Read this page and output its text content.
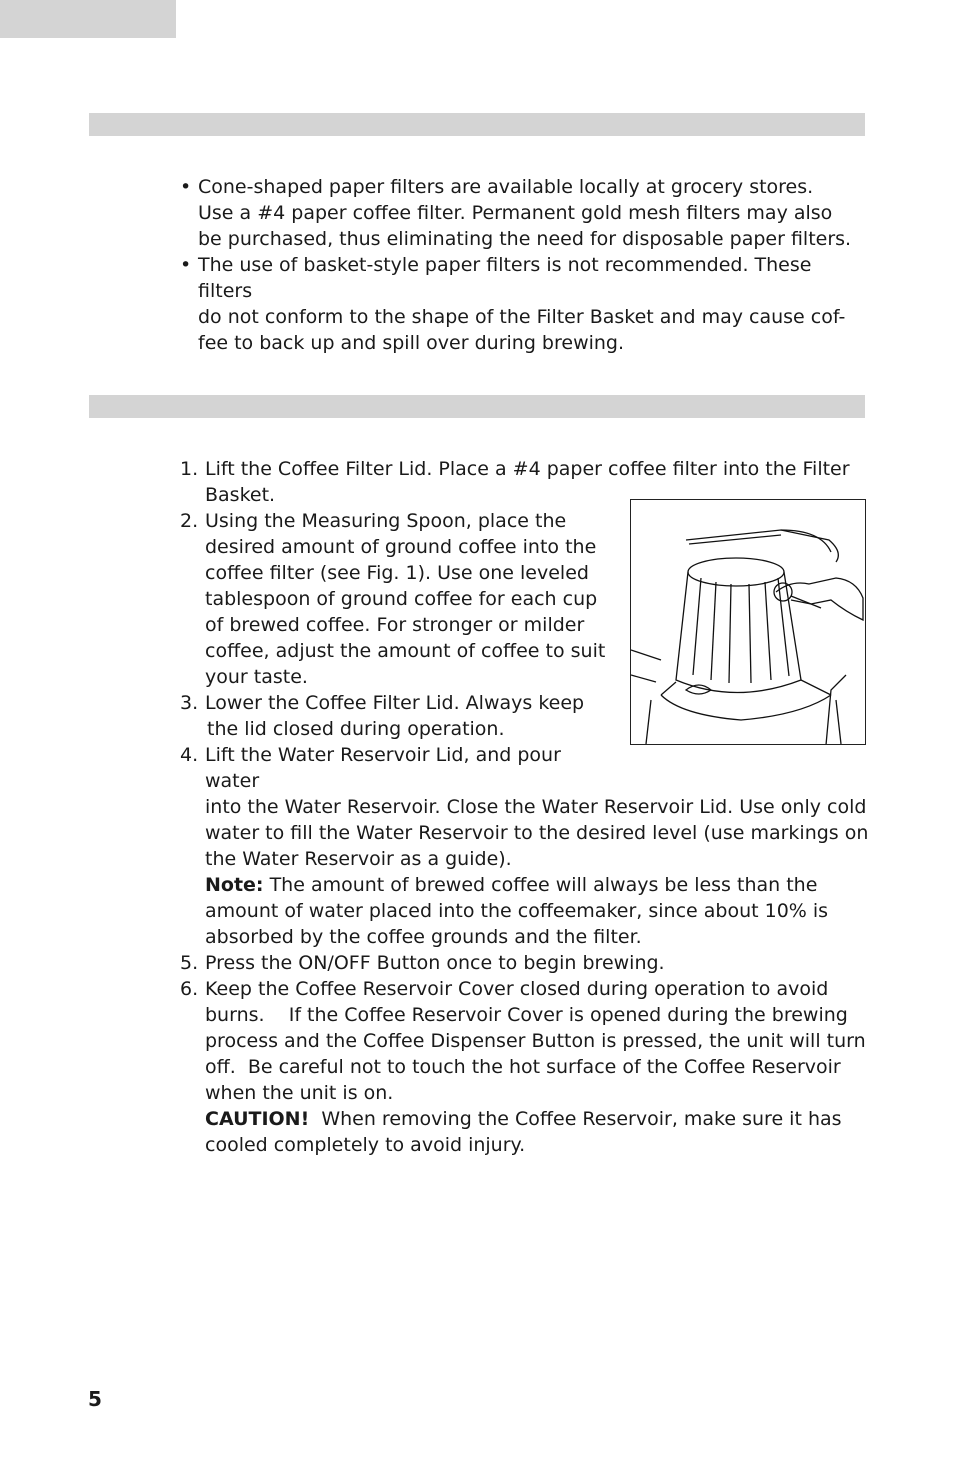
• Cone-shaped paper filters are available locally at grocery stores.
Use a #4 paper coffee filter. Permanent gold mesh filters may also
be purchased, thus eliminating the need for disposable paper filters.
• The use of basket-style paper filters is not recommended. These filters
do not conform to the shape of the Filter Basket and may cause cof-
fee to back up and spill over during brewing.
1. Lift the Coffee Filter Lid. Place a #4 paper coffee filter into the Filter
Basket.
2. Using the Measuring Spoon, place the
desired amount of ground coffee into the
coffee filter (see Fig. 1). Use one leveled
tablespoon of ground coffee for each cup
of brewed coffee. For stronger or milder
coffee, adjust the amount of coffee to suit
your taste.
3. Lower the Coffee Filter Lid. Always keep
the lid closed during operation.
4. Lift the Water Reservoir Lid, and pour water
into the Water Reservoir. Close the Water Reservoir Lid. Use only cold
water to fill the Water Reservoir to the desired level (use markings on
the Water Reservoir as a guide).
Note: The amount of brewed coffee will always be less than the
amount of water placed into the coffeemaker, since about 10% is
absorbed by the coffee grounds and the filter.
5. Press the ON/OFF Button once to begin brewing.
6. Keep the Coffee Reservoir Cover closed during operation to avoid
burns.    If the Coffee Reservoir Cover is opened during the brewing
process and the Coffee Dispenser Button is pressed, the unit will turn
off.  Be careful not to touch the hot surface of the Coffee Reservoir
when the unit is on.
CAUTION!  When removing the Coffee Reservoir, make sure it has
cooled completely to avoid injury.
5
